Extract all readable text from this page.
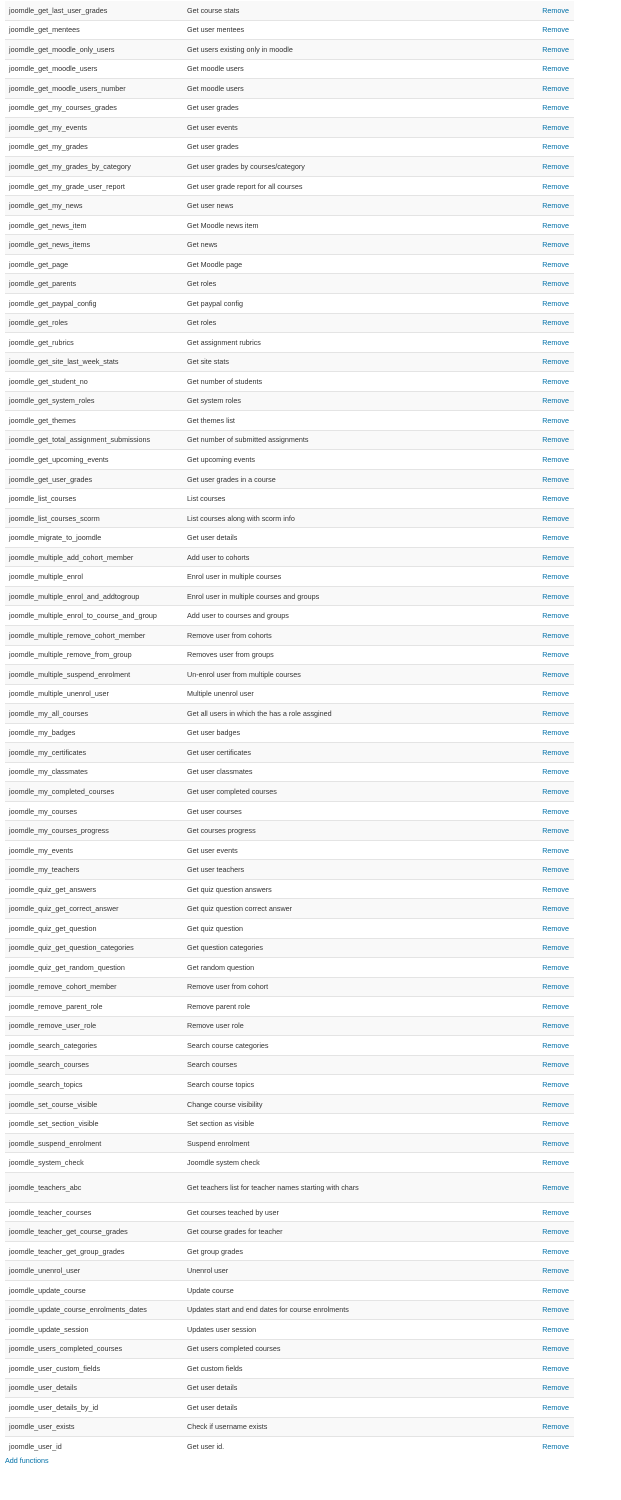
joomdle_get_last_user_grades	Get course stats	Remove
joomdle_get_mentees	Get user mentees	Remove
joomdle_get_moodle_only_users	Get users existing only in moodle	Remove
joomdle_get_moodle_users	Get moodle users	Remove
joomdle_get_moodle_users_number	Get moodle users	Remove
joomdle_get_my_courses_grades	Get user grades	Remove
joomdle_get_my_events	Get user events	Remove
joomdle_get_my_grades	Get user grades	Remove
joomdle_get_my_grades_by_category	Get user grades by courses/category	Remove
joomdle_get_my_grade_user_report	Get user grade report for all courses	Remove
joomdle_get_my_news	Get user news	Remove
joomdle_get_news_item	Get Moodle news item	Remove
joomdle_get_news_items	Get news	Remove
joomdle_get_page	Get Moodle page	Remove
joomdle_get_parents	Get roles	Remove
joomdle_get_paypal_config	Get paypal config	Remove
joomdle_get_roles	Get roles	Remove
joomdle_get_rubrics	Get assignment rubrics	Remove
joomdle_get_site_last_week_stats	Get site stats	Remove
joomdle_get_student_no	Get number of students	Remove
joomdle_get_system_roles	Get system roles	Remove
joomdle_get_themes	Get themes list	Remove
joomdle_get_total_assignment_submissions	Get number of submitted assignments	Remove
joomdle_get_upcoming_events	Get upcoming events	Remove
joomdle_get_user_grades	Get user grades in a course	Remove
joomdle_list_courses	List courses	Remove
joomdle_list_courses_scorm	List courses along with scorm info	Remove
joomdle_migrate_to_joomdle	Get user details	Remove
joomdle_multiple_add_cohort_member	Add user to cohorts	Remove
joomdle_multiple_enrol	Enrol user in multiple courses	Remove
joomdle_multiple_enrol_and_addtogroup	Enrol user in multiple courses and groups	Remove
joomdle_multiple_enrol_to_course_and_group	Add user to courses and groups	Remove
joomdle_multiple_remove_cohort_member	Remove user from cohorts	Remove
joomdle_multiple_remove_from_group	Removes user from groups	Remove
joomdle_multiple_suspend_enrolment	Un-enrol user from multiple courses	Remove
joomdle_multiple_unenrol_user	Multiple unenrol user	Remove
joomdle_my_all_courses	Get all users in which the has a role assgined	Remove
joomdle_my_badges	Get user badges	Remove
joomdle_my_certificates	Get user certificates	Remove
joomdle_my_classmates	Get user classmates	Remove
joomdle_my_completed_courses	Get user completed courses	Remove
joomdle_my_courses	Get user courses	Remove
joomdle_my_courses_progress	Get courses progress	Remove
joomdle_my_events	Get user events	Remove
joomdle_my_teachers	Get user teachers	Remove
joomdle_quiz_get_answers	Get quiz question answers	Remove
joomdle_quiz_get_correct_answer	Get quiz question correct answer	Remove
joomdle_quiz_get_question	Get quiz question	Remove
joomdle_quiz_get_question_categories	Get question categories	Remove
joomdle_quiz_get_random_question	Get random question	Remove
joomdle_remove_cohort_member	Remove user from cohort	Remove
joomdle_remove_parent_role	Remove parent role	Remove
joomdle_remove_user_role	Remove user role	Remove
joomdle_search_categories	Search course categories	Remove
joomdle_search_courses	Search courses	Remove
joomdle_search_topics	Search course topics	Remove
joomdle_set_course_visible	Change course visibility	Remove
joomdle_set_section_visible	Set section as visible	Remove
joomdle_suspend_enrolment	Suspend enrolment	Remove
joomdle_system_check	Joomdle system check	Remove
joomdle_teachers_abc	Get teachers list for teacher names starting with chars	Remove
joomdle_teacher_courses	Get courses teached by user	Remove
joomdle_teacher_get_course_grades	Get course grades for teacher	Remove
joomdle_teacher_get_group_grades	Get group grades	Remove
joomdle_unenrol_user	Unenrol user	Remove
joomdle_update_course	Update course	Remove
joomdle_update_course_enrolments_dates	Updates start and end dates for course enrolments	Remove
joomdle_update_session	Updates user session	Remove
joomdle_users_completed_courses	Get users completed courses	Remove
joomdle_user_custom_fields	Get custom fields	Remove
joomdle_user_details	Get user details	Remove
joomdle_user_details_by_id	Get user details	Remove
joomdle_user_exists	Check if username exists	Remove
joomdle_user_id	Get user id.	Remove
Add functions
